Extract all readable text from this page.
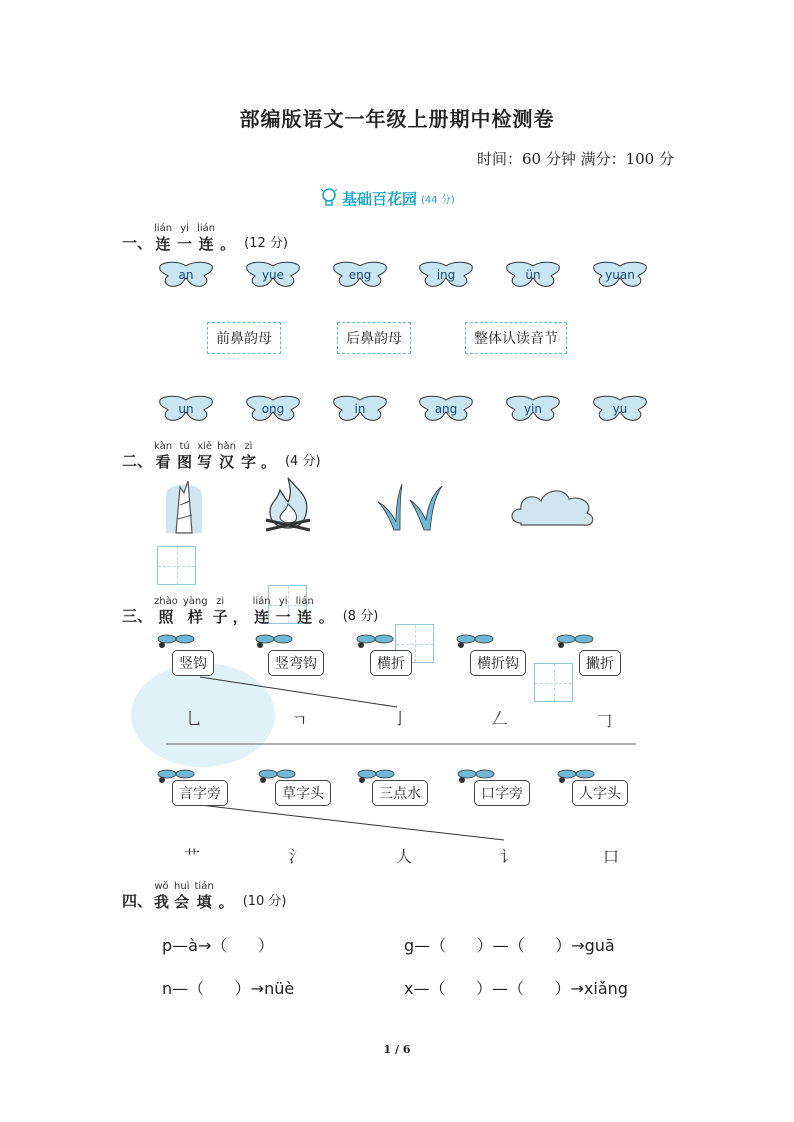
部编版语文一年级上册期中检测卷
时间：60 分钟 满分：100 分
基础百花园 (44 分)
一、
lián
连
yi
一
lián
连 。 (12 分)
an	yue	eng	ing	ün	yuan
前鼻韵母	后鼻韵母	整体认读音节
un	ong	in	ang	yin	yu
二、
kàn
看
tú
图
xiě
写
hàn
汉
zì
字 。 (4 分)
三、
zhào
照
yàng
样
zi
子 ，
lián
连
yi
一
lián
连 。 (8 分)
竖钩	竖弯钩	横折	横折钩	撇折
乚	ㄱ	亅	𠃋	𠃌
言字旁	草字头	三点水	口字旁	人字头
艹	氵	人	讠	口
四、
wǒ
我
huì
会
tián
填 。 (10 分)
p—à→（      ）	g—（      ）—（      ）→guā
n—（      ）→nüè	x—（      ）—（      ）→xiǎng
1 / 6
